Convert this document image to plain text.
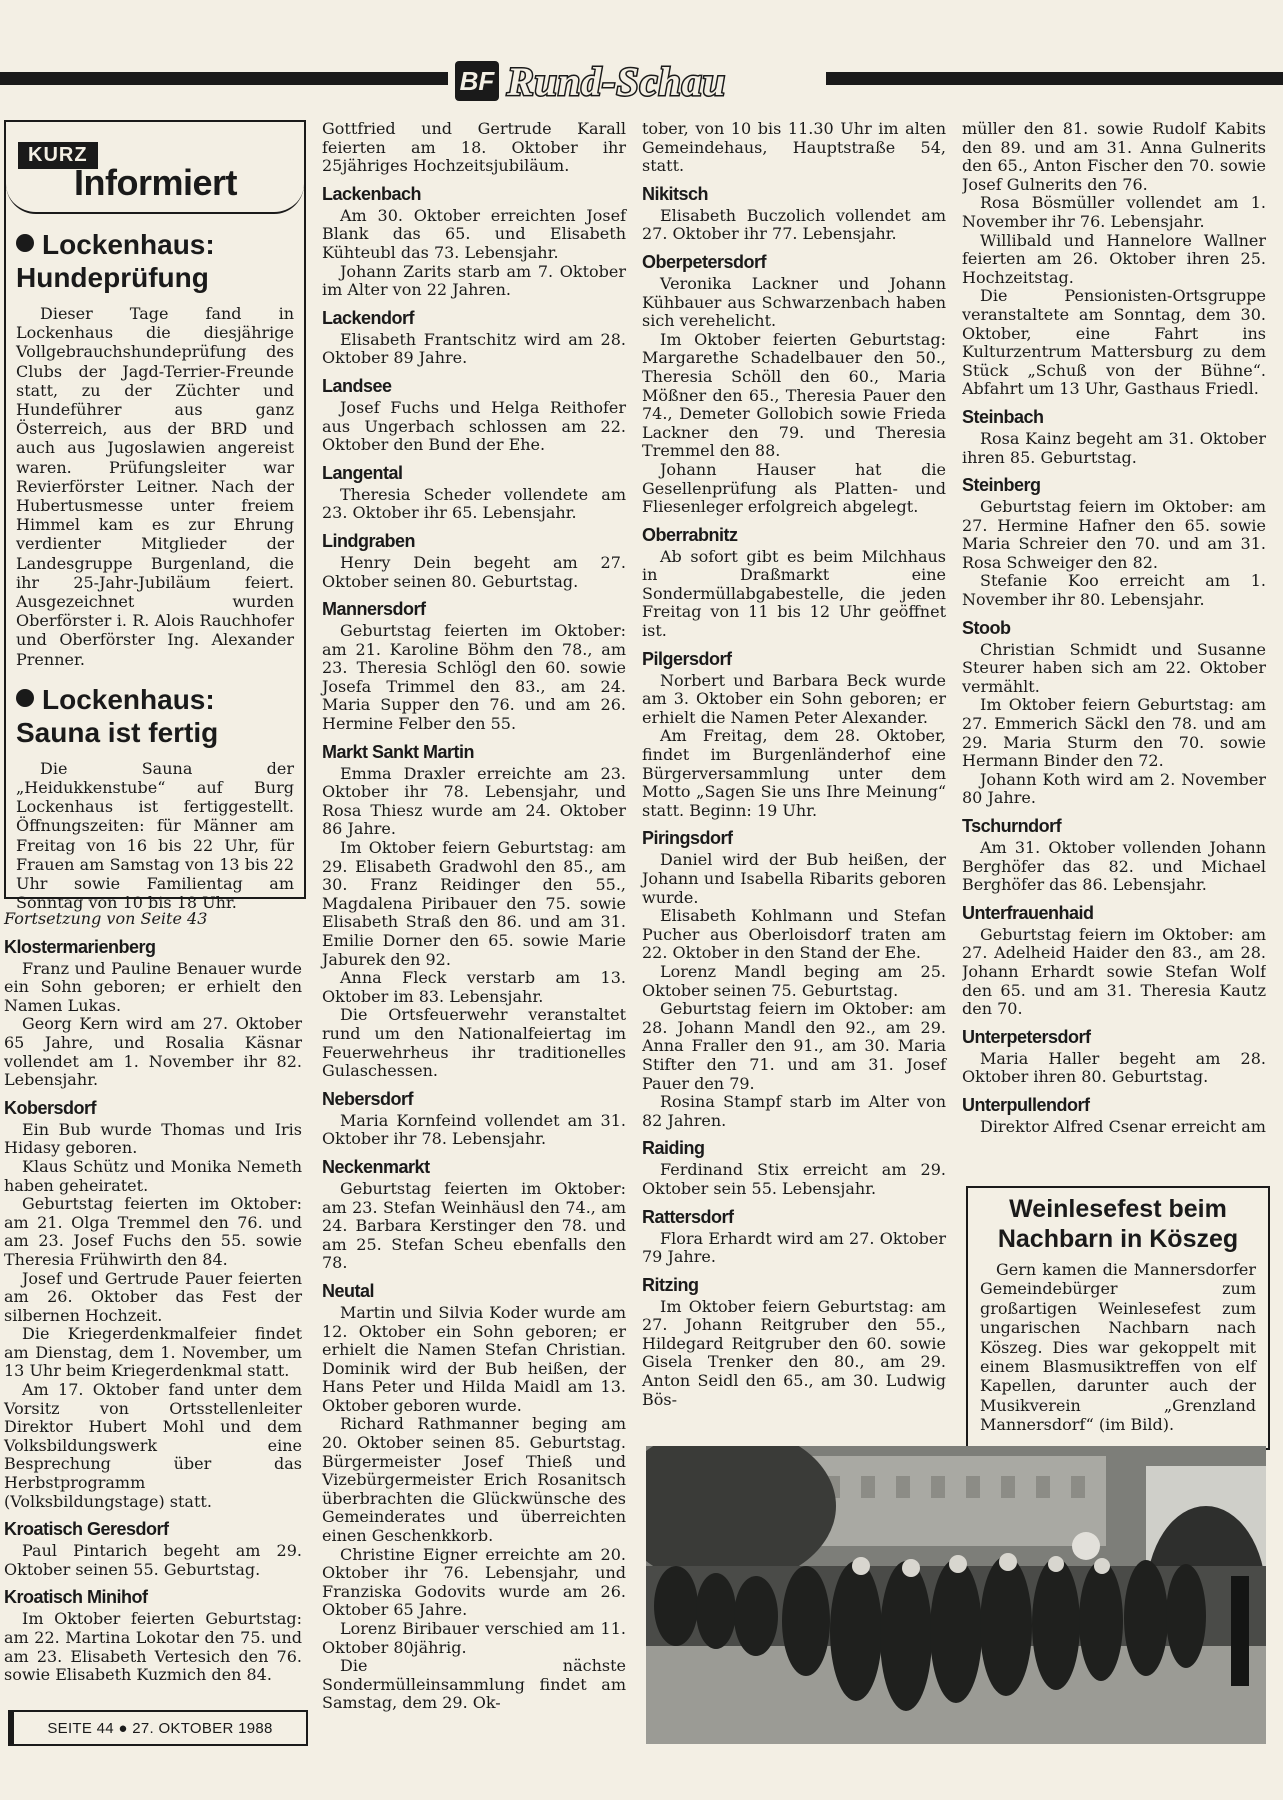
BF Rund-Schau
KURZ
Informiert
Lockenhaus: Hundeprüfung

Dieser Tage fand in Lockenhaus die diesjährige Vollgebrauchshundeprüfung des Clubs der Jagd-Terrier-Freunde statt, zu der Züchter und Hundeführer aus ganz Österreich, aus der BRD und auch aus Jugoslawien angereist waren. Prüfungsleiter war Revierförster Leitner. Nach der Hubertusmesse unter freiem Himmel kam es zur Ehrung verdienter Mitglieder der Landesgruppe Burgenland, die ihr 25-Jahr-Jubiläum feiert. Ausgezeichnet wurden Oberförster i. R. Alois Rauchhofer und Oberförster Ing. Alexander Prenner.

Lockenhaus: Sauna ist fertig

Die Sauna der „Heidukkenstube“ auf Burg Lockenhaus ist fertiggestellt. Öffnungszeiten: für Männer am Freitag von 16 bis 22 Uhr, für Frauen am Samstag von 13 bis 22 Uhr sowie Familientag am Sonntag von 10 bis 18 Uhr.

Fortsetzung von Seite 43
Klostermarienberg

Franz und Pauline Benauer wurde ein Sohn geboren; er erhielt den Namen Lukas.

Georg Kern wird am 27. Oktober 65 Jahre, und Rosalia Käsnar vollendet am 1. November ihr 82. Lebensjahr.

Kobersdorf

Ein Bub wurde Thomas und Iris Hidasy geboren.

Klaus Schütz und Monika Nemeth haben geheiratet.

Geburtstag feierten im Oktober: am 21. Olga Tremmel den 76. und am 23. Josef Fuchs den 55. sowie Theresia Frühwirth den 84.

Josef und Gertrude Pauer feierten am 26. Oktober das Fest der silbernen Hochzeit.

Die Kriegerdenkmalfeier findet am Dienstag, dem 1. November, um 13 Uhr beim Kriegerdenkmal statt.

Am 17. Oktober fand unter dem Vorsitz von Ortsstellenleiter Direktor Hubert Mohl und dem Volksbildungswerk eine Besprechung über das Herbstprogramm (Volksbildungstage) statt.

Kroatisch Geresdorf

Paul Pintarich begeht am 29. Oktober seinen 55. Geburtstag.

Kroatisch Minihof

Im Oktober feierten Geburtstag: am 22. Martina Lokotar den 75. und am 23. Elisabeth Vertesich den 76. sowie Elisabeth Kuzmich den 84.

Gottfried und Gertrude Karall feierten am 18. Oktober ihr 25jähriges Hochzeitsjubiläum.

Lackenbach

Am 30. Oktober erreichten Josef Blank das 65. und Elisabeth Kühteubl das 73. Lebensjahr.

Johann Zarits starb am 7. Oktober im Alter von 22 Jahren.

Lackendorf

Elisabeth Frantschitz wird am 28. Oktober 89 Jahre.

Landsee

Josef Fuchs und Helga Reithofer aus Ungerbach schlossen am 22. Oktober den Bund der Ehe.

Langental

Theresia Scheder vollendete am 23. Oktober ihr 65. Lebensjahr.

Lindgraben

Henry Dein begeht am 27. Oktober seinen 80. Geburtstag.

Mannersdorf

Geburtstag feierten im Oktober: am 21. Karoline Böhm den 78., am 23. Theresia Schlögl den 60. sowie Josefa Trimmel den 83., am 24. Maria Supper den 76. und am 26. Hermine Felber den 55.

Markt Sankt Martin

Emma Draxler erreichte am 23. Oktober ihr 78. Lebensjahr, und Rosa Thiesz wurde am 24. Oktober 86 Jahre.

Im Oktober feiern Geburtstag: am 29. Elisabeth Gradwohl den 85., am 30. Franz Reidinger den 55., Magdalena Piribauer den 75. sowie Elisabeth Straß den 86. und am 31. Emilie Dorner den 65. sowie Marie Jaburek den 92.

Anna Fleck verstarb am 13. Oktober im 83. Lebensjahr.

Die Ortsfeuerwehr veranstaltet rund um den Nationalfeiertag im Feuerwehrheus ihr traditionelles Gulaschessen.

Nebersdorf

Maria Kornfeind vollendet am 31. Oktober ihr 78. Lebensjahr.

Neckenmarkt

Geburtstag feierten im Oktober: am 23. Stefan Weinhäusl den 74., am 24. Barbara Kerstinger den 78. und am 25. Stefan Scheu ebenfalls den 78.

Neutal

Martin und Silvia Koder wurde am 12. Oktober ein Sohn geboren; er erhielt die Namen Stefan Christian. Dominik wird der Bub heißen, der Hans Peter und Hilda Maidl am 13. Oktober geboren wurde.

Richard Rathmanner beging am 20. Oktober seinen 85. Geburtstag. Bürgermeister Josef Thieß und Vizebürgermeister Erich Rosanitsch überbrachten die Glückwünsche des Gemeinderates und überreichten einen Geschenkkorb.

Christine Eigner erreichte am 20. Oktober ihr 76. Lebensjahr, und Franziska Godovits wurde am 26. Oktober 65 Jahre.

Lorenz Biribauer verschied am 11. Oktober 80jährig.

Die nächste Sondermülleinsammlung findet am Samstag, dem 29. Ok-

tober, von 10 bis 11.30 Uhr im alten Gemeindehaus, Hauptstraße 54, statt.

Nikitsch

Elisabeth Buczolich vollendet am 27. Oktober ihr 77. Lebensjahr.

Oberpetersdorf

Veronika Lackner und Johann Kühbauer aus Schwarzenbach haben sich verehelicht.

Im Oktober feierten Geburtstag: Margarethe Schadelbauer den 50., Theresia Schöll den 60., Maria Mößner den 65., Theresia Pauer den 74., Demeter Gollobich sowie Frieda Lackner den 79. und Theresia Tremmel den 88.

Johann Hauser hat die Gesellenprüfung als Platten- und Fliesenleger erfolgreich abgelegt.

Oberrabnitz

Ab sofort gibt es beim Milchhaus in Draßmarkt eine Sondermüllabgabestelle, die jeden Freitag von 11 bis 12 Uhr geöffnet ist.

Pilgersdorf

Norbert und Barbara Beck wurde am 3. Oktober ein Sohn geboren; er erhielt die Namen Peter Alexander.

Am Freitag, dem 28. Oktober, findet im Burgenländerhof eine Bürgerversammlung unter dem Motto „Sagen Sie uns Ihre Meinung“ statt. Beginn: 19 Uhr.

Piringsdorf

Daniel wird der Bub heißen, der Johann und Isabella Ribarits geboren wurde.

Elisabeth Kohlmann und Stefan Pucher aus Oberloisdorf traten am 22. Oktober in den Stand der Ehe.

Lorenz Mandl beging am 25. Oktober seinen 75. Geburtstag.

Geburtstag feiern im Oktober: am 28. Johann Mandl den 92., am 29. Anna Fraller den 91., am 30. Maria Stifter den 71. und am 31. Josef Pauer den 79.

Rosina Stampf starb im Alter von 82 Jahren.

Raiding

Ferdinand Stix erreicht am 29. Oktober sein 55. Lebensjahr.

Rattersdorf

Flora Erhardt wird am 27. Oktober 79 Jahre.

Ritzing

Im Oktober feiern Geburtstag: am 27. Johann Reitgruber den 55., Hildegard Reitgruber den 60. sowie Gisela Trenker den 80., am 29. Anton Seidl den 65., am 30. Ludwig Bös-

müller den 81. sowie Rudolf Kabits den 89. und am 31. Anna Gulnerits den 65., Anton Fischer den 70. sowie Josef Gulnerits den 76.

Rosa Bösmüller vollendet am 1. November ihr 76. Lebensjahr.

Willibald und Hannelore Wallner feierten am 26. Oktober ihren 25. Hochzeitstag.

Die Pensionisten-Ortsgruppe veranstaltete am Sonntag, dem 30. Oktober, eine Fahrt ins Kulturzentrum Mattersburg zu dem Stück „Schuß von der Bühne“. Abfahrt um 13 Uhr, Gasthaus Friedl.

Steinbach

Rosa Kainz begeht am 31. Oktober ihren 85. Geburtstag.

Steinberg

Geburtstag feiern im Oktober: am 27. Hermine Hafner den 65. sowie Maria Schreier den 70. und am 31. Rosa Schweiger den 82.

Stefanie Koo erreicht am 1. November ihr 80. Lebensjahr.

Stoob

Christian Schmidt und Susanne Steurer haben sich am 22. Oktober vermählt.

Im Oktober feiern Geburtstag: am 27. Emmerich Säckl den 78. und am 29. Maria Sturm den 70. sowie Hermann Binder den 72.

Johann Koth wird am 2. November 80 Jahre.

Tschurndorf

Am 31. Oktober vollenden Johann Berghöfer das 82. und Michael Berghöfer das 86. Lebensjahr.

Unterfrauenhaid

Geburtstag feiern im Oktober: am 27. Adelheid Haider den 83., am 28. Johann Erhardt sowie Stefan Wolf den 65. und am 31. Theresia Kautz den 70.

Unterpetersdorf

Maria Haller begeht am 28. Oktober ihren 80. Geburtstag.

Unterpullendorf

Direktor Alfred Csenar erreicht am

Weinlesefest beim Nachbarn in Köszeg

Gern kamen die Mannersdorfer Gemeindebürger zum großartigen Weinlesefest zum ungarischen Nachbarn nach Köszeg. Dies war gekoppelt mit einem Blasmusiktreffen von elf Kapellen, darunter auch der Musikverein „Grenzland Mannersdorf“ (im Bild).

SEITE 44 ● 27. OKTOBER 1988
